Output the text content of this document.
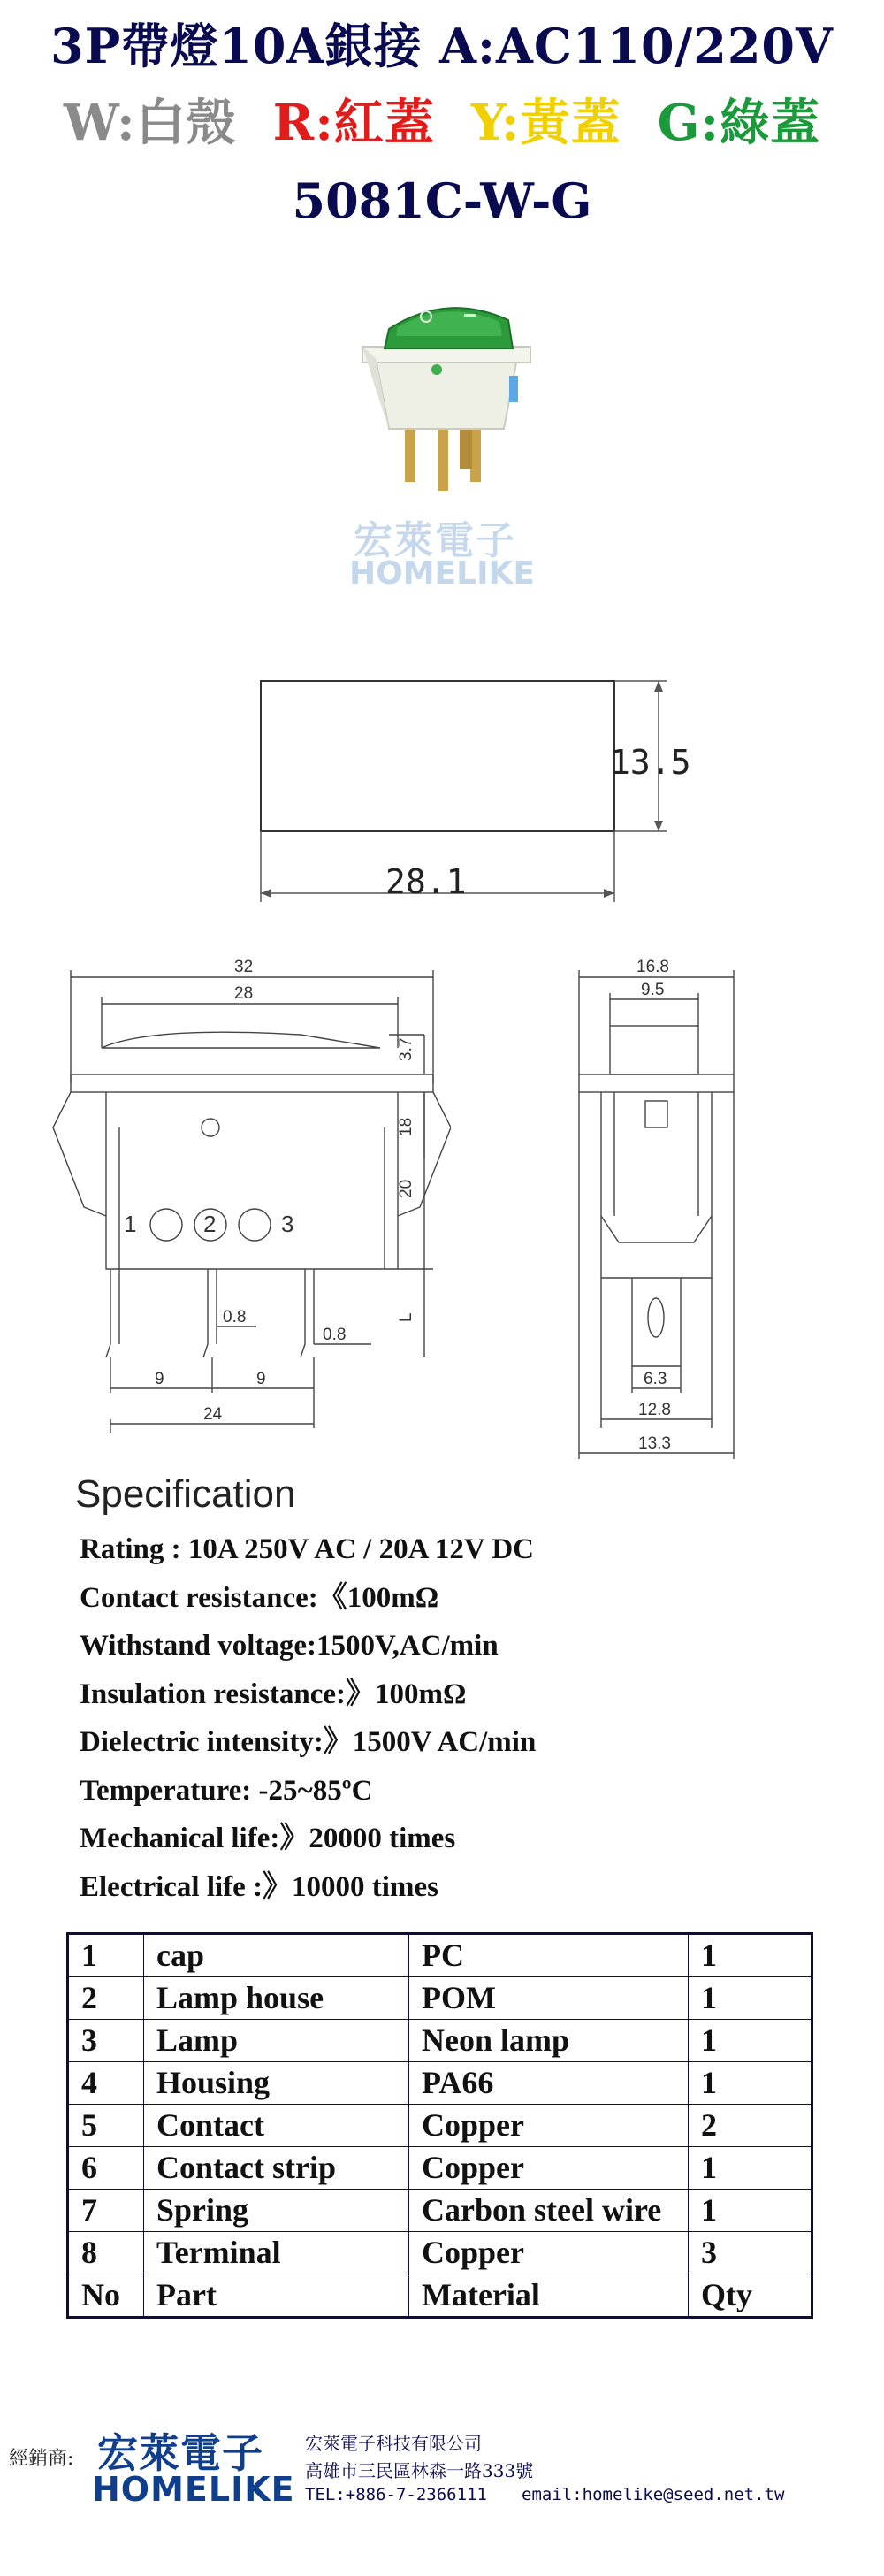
3P帶燈10A銀接 A:AC110/220V
W:白殼 R:紅蓋 Y:黃蓋 G:綠蓋
5081C-W-G
宏萊電子
HOMELIKE
13.5
28.1
32
28
3.7
18
20
L
0.8
0.8
9	9
24
1	2	3
16.8
9.5
6.3
12.8
13.3
Specification
Rating : 10A 250V AC / 20A 12V DC
Contact resistance:《100mΩ
Withstand voltage:1500V,AC/min
Insulation resistance:》100mΩ
Dielectric intensity:》1500V AC/min
Temperature: -25~85ºC
Mechanical life:》20000 times
Electrical life :》10000 times
1	cap	PC	1
2	Lamp house	POM	1
3	Lamp	Neon lamp	1
4	Housing	PA66	1
5	Contact	Copper	2
6	Contact strip	Copper	1
7	Spring	Carbon steel wire	1
8	Terminal	Copper	3
No	Part	Material	Qty
經銷商: 宏萊電子
HOMELIKE
宏萊電子科技有限公司
高雄市三民區林森一路333號
TEL:+886-7-2366111 email:homelike@seed.net.tw
